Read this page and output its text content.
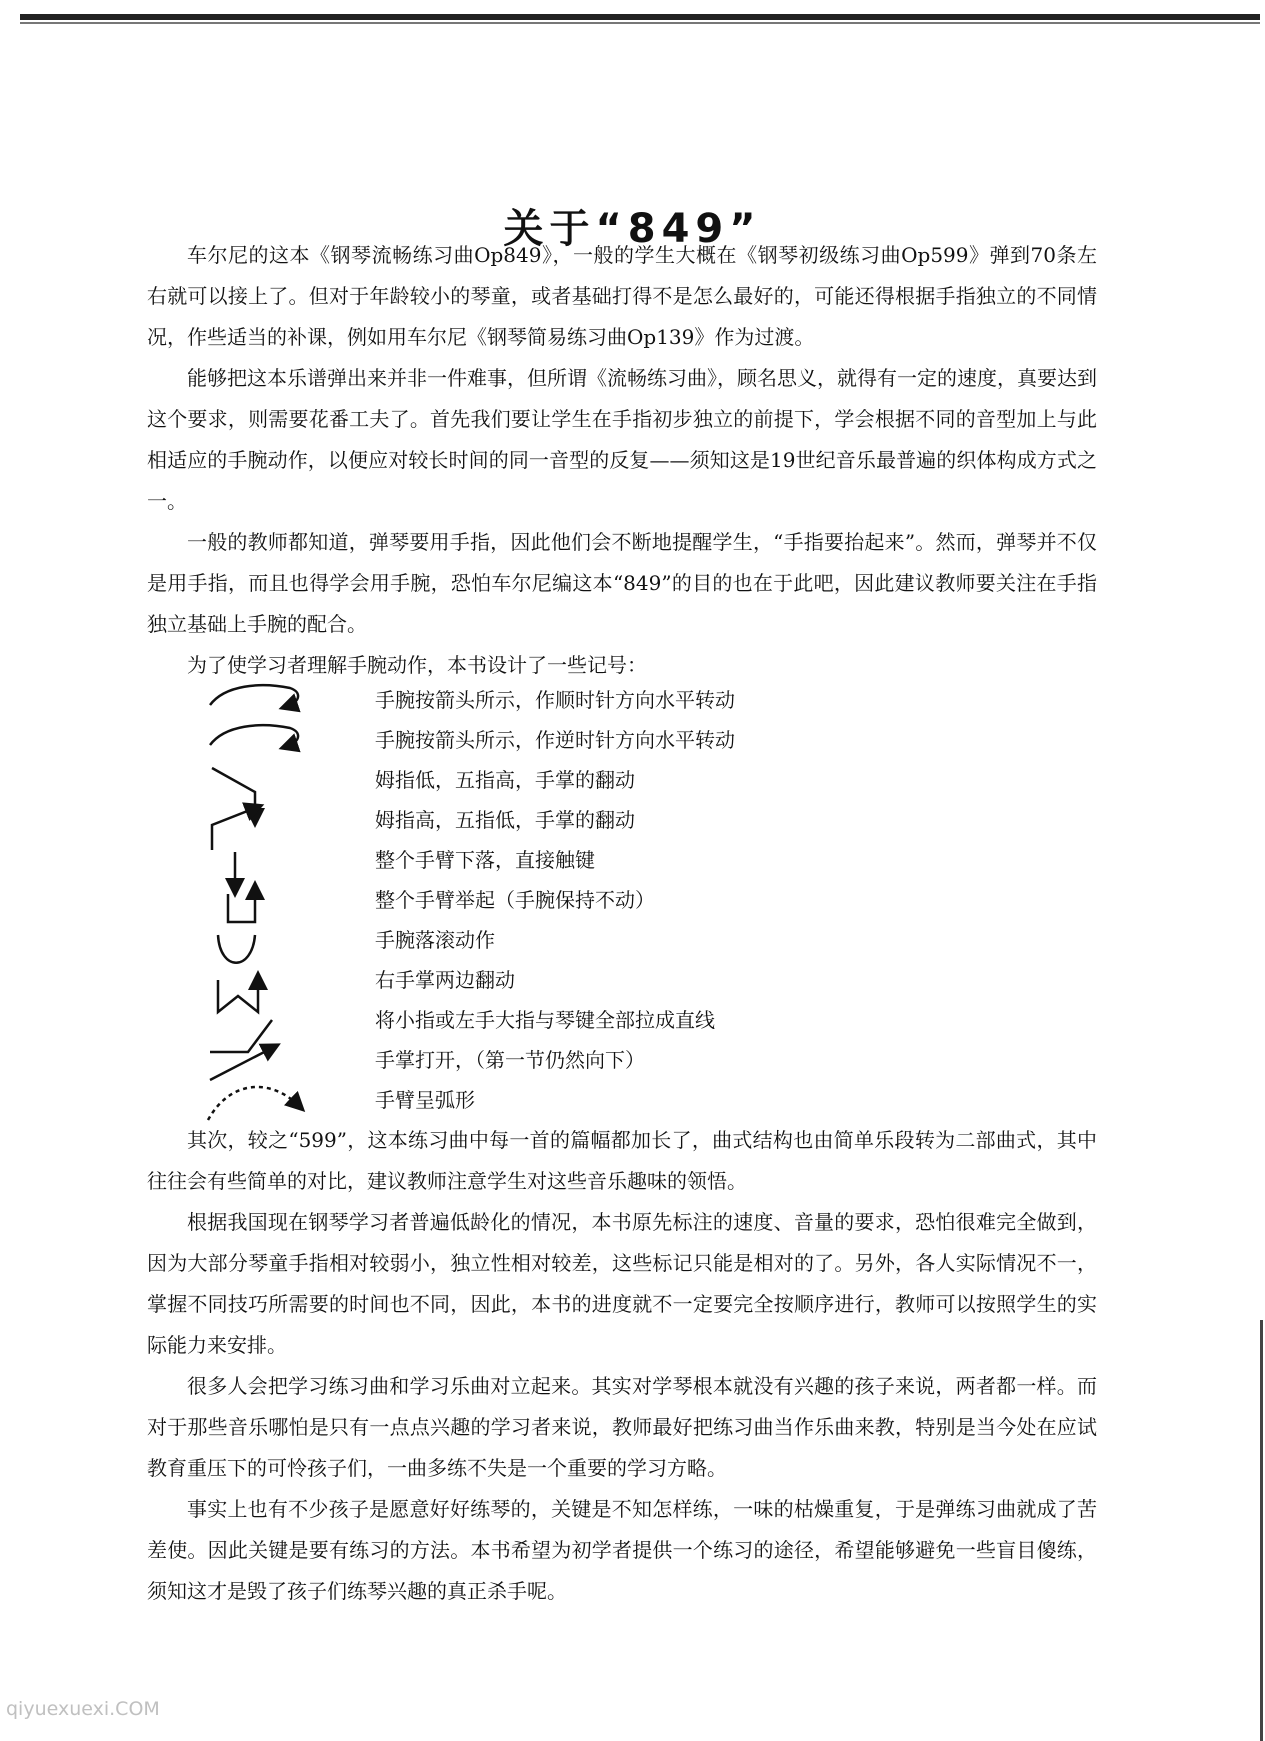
关于“849”

车尔尼的这本《钢琴流畅练习曲Op849》，一般的学生大概在《钢琴初级练习曲Op599》弹到70条左右就可以接上了。但对于年龄较小的琴童，或者基础打得不是怎么最好的，可能还得根据手指独立的不同情况，作些适当的补课，例如用车尔尼《钢琴简易练习曲Op139》作为过渡。

能够把这本乐谱弹出来并非一件难事，但所谓《流畅练习曲》，顾名思义，就得有一定的速度，真要达到这个要求，则需要花番工夫了。首先我们要让学生在手指初步独立的前提下，学会根据不同的音型加上与此相适应的手腕动作，以便应对较长时间的同一音型的反复——须知这是19世纪音乐最普遍的织体构成方式之一。

一般的教师都知道，弹琴要用手指，因此他们会不断地提醒学生，“手指要抬起来”。然而，弹琴并不仅是用手指，而且也得学会用手腕，恐怕车尔尼编这本“849”的目的也在于此吧，因此建议教师要关注在手指独立基础上手腕的配合。

为了使学习者理解手腕动作，本书设计了一些记号：

手腕按箭头所示，作顺时针方向水平转动

手腕按箭头所示，作逆时针方向水平转动

姆指低，五指高，手掌的翻动

姆指高，五指低，手掌的翻动

整个手臂下落，直接触键

整个手臂举起（手腕保持不动）

手腕落滚动作

右手掌两边翻动

将小指或左手大指与琴键全部拉成直线

手掌打开，（第一节仍然向下）

手臂呈弧形

其次，较之“599”，这本练习曲中每一首的篇幅都加长了，曲式结构也由简单乐段转为二部曲式，其中往往会有些简单的对比，建议教师注意学生对这些音乐趣味的领悟。

根据我国现在钢琴学习者普遍低龄化的情况，本书原先标注的速度、音量的要求，恐怕很难完全做到，因为大部分琴童手指相对较弱小，独立性相对较差，这些标记只能是相对的了。另外，各人实际情况不一，掌握不同技巧所需要的时间也不同，因此，本书的进度就不一定要完全按顺序进行，教师可以按照学生的实际能力来安排。

很多人会把学习练习曲和学习乐曲对立起来。其实对学琴根本就没有兴趣的孩子来说，两者都一样。而对于那些音乐哪怕是只有一点点兴趣的学习者来说，教师最好把练习曲当作乐曲来教，特别是当今处在应试教育重压下的可怜孩子们，一曲多练不失是一个重要的学习方略。

事实上也有不少孩子是愿意好好练琴的，关键是不知怎样练，一味的枯燥重复，于是弹练习曲就成了苦差使。因此关键是要有练习的方法。本书希望为初学者提供一个练习的途径，希望能够避免一些盲目傻练，须知这才是毁了孩子们练琴兴趣的真正杀手呢。

qiyuexuexi.COM
